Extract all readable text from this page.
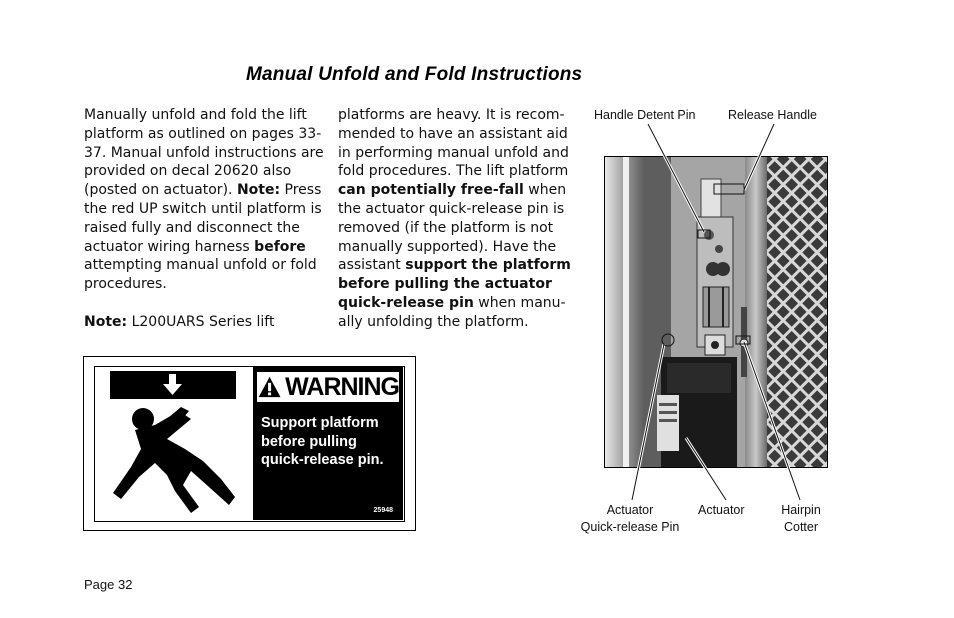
Manual Unfold and Fold Instructions

Manually unfold and fold the lift platform as outlined on pages 33-37. Manual unfold instructions are provided on decal 20620 also (posted on actuator). Note: Press the red UP switch until platform is raised fully and disconnect the actuator wiring harness before attempting manual unfold or fold procedures.

Note: L200UARS Series lift

platforms are heavy. It is recom-mended to have an assistant aid in performing manual unfold and fold procedures. The lift platform can potentially free-fall when the actuator quick-release pin is removed (if the platform is not manually supported). Have the assistant support the platform before pulling the actuator quick-release pin when manu-ally unfolding the platform.

WARNING
Support platform
before pulling
quick-release pin.
25948
Handle Detent Pin	Release Handle
Actuator
Quick-release Pin
Actuator	Hairpin
Cotter
Page 32
